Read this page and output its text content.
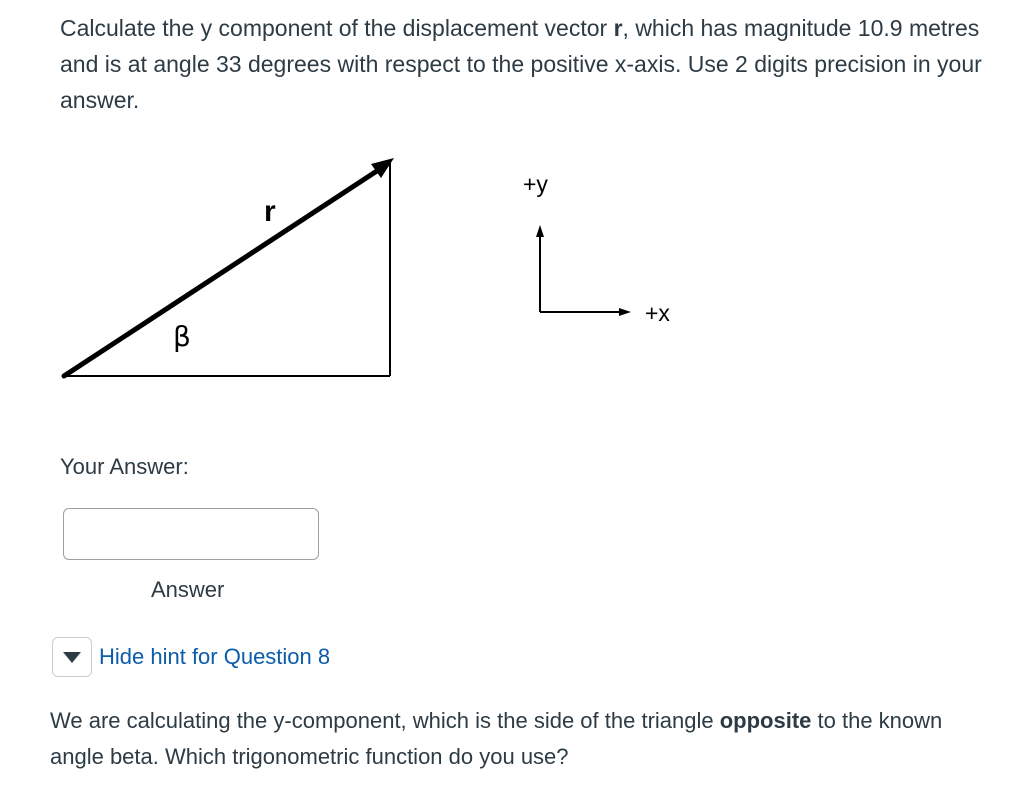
Calculate the y component of the displacement vector r, which has magnitude 10.9 metres and is at angle 33 degrees with respect to the positive x-axis. Use 2 digits precision in your answer.

r
β
+y
+x
Your Answer:
Answer
Hide hint for Question 8

We are calculating the y-component, which is the side of the triangle opposite to the known angle beta. Which trigonometric function do you use?
